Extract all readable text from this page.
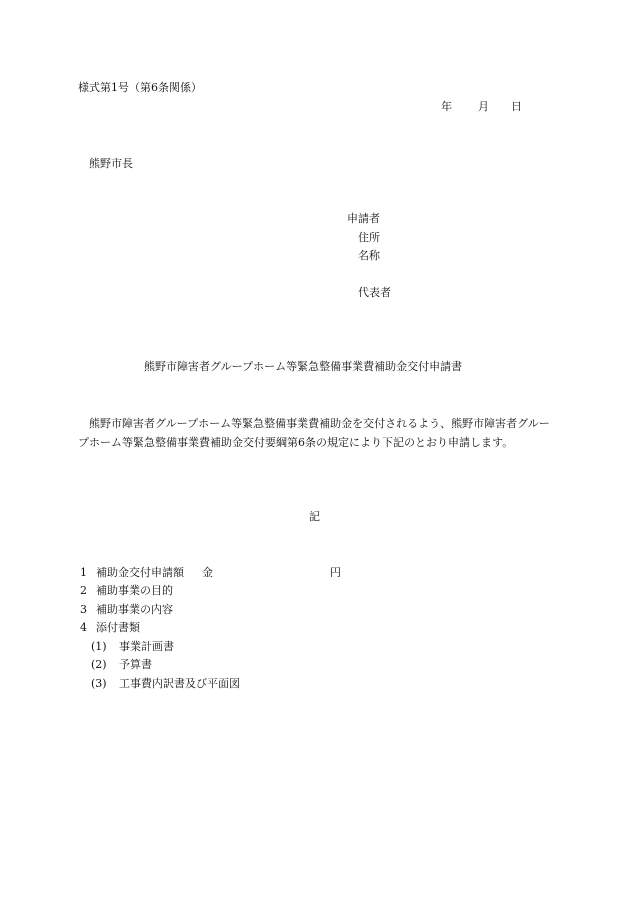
様式第1号（第6条関係）
年 月 日
熊野市長
申請者
住所
名称
代表者
熊野市障害者グループホーム等緊急整備事業費補助金交付申請書

熊野市障害者グループホーム等緊急整備事業費補助金を交付されるよう、熊野市障害者グループホーム等緊急整備事業費補助金交付要綱第6条の規定により下記のとおり申請します。

記
1 補助金交付申請額 金	円
2 補助事業の目的
3 補助事業の内容
4 添付書類
(1) 事業計画書
(2) 予算書
(3) 工事費内訳書及び平面図
